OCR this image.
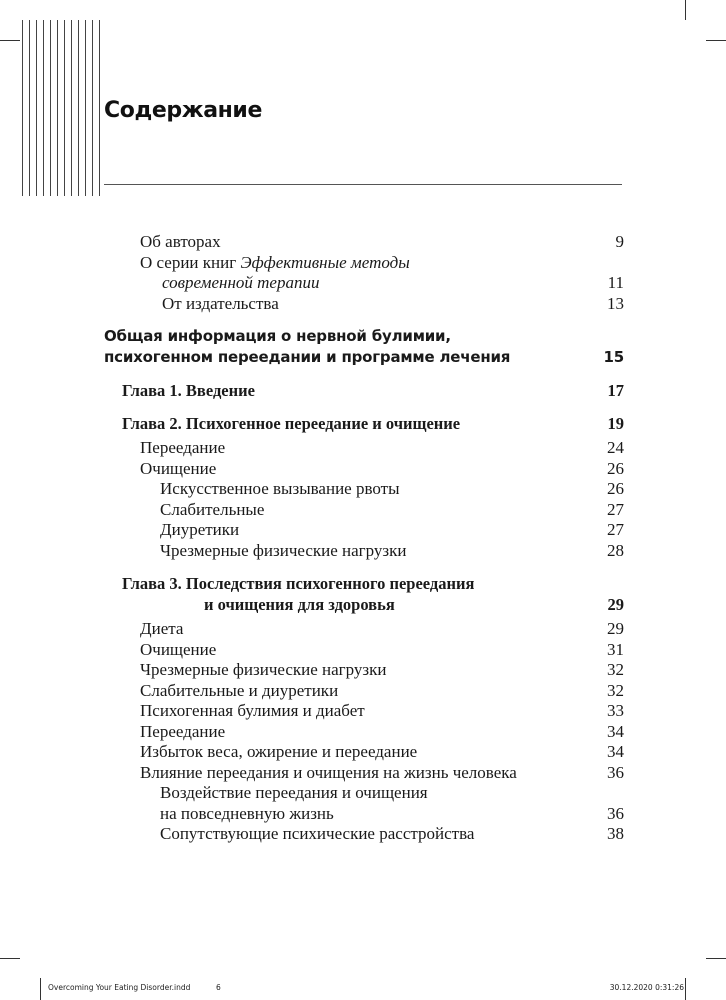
Содержание
Об авторах	9
О серии книг Эффективные методы
современной терапии	11
От издательства	13
Общая информация о нервной булимии,
психогенном переедании и программе лечения	15
Глава 1. Введение	17
Глава 2. Психогенное переедание и очищение	19
Переедание	24
Очищение	26
Искусственное вызывание рвоты	26
Слабительные	27
Диуретики	27
Чрезмерные физические нагрузки	28
Глава 3. Последствия психогенного переедания
и очищения для здоровья	29
Диета	29
Очищение	31
Чрезмерные физические нагрузки	32
Слабительные и диуретики	32
Психогенная булимия и диабет	33
Переедание	34
Избыток веса, ожирение и переедание	34
Влияние переедания и очищения на жизнь человека	36
Воздействие переедания и очищения
на повседневную жизнь	36
Сопутствующие психические расстройства	38
Overcoming Your Eating Disorder.indd	6	30.12.2020 0:31:26
